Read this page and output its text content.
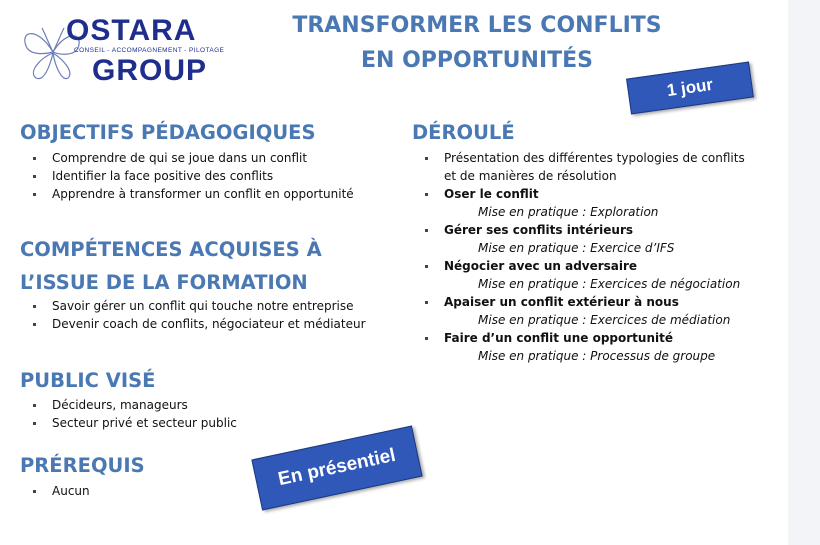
OSTARA
CONSEIL - ACCOMPAGNEMENT - PILOTAGE
GROUP
TRANSFORMER LES CONFLITS
EN OPPORTUNITÉS
1 jour
En présentiel
OBJECTIFS PÉDAGOGIQUES
Comprendre de qui se joue dans un conflit
Identifier la face positive des conflits
Apprendre à transformer un conflit en opportunité
COMPÉTENCES ACQUISES À
L’ISSUE DE LA FORMATION
Savoir gérer un conflit qui touche notre entreprise
Devenir coach de conflits, négociateur et médiateur
PUBLIC VISÉ
Décideurs, manageurs
Secteur privé et secteur public
PRÉREQUIS
Aucun
DÉROULÉ
Présentation des différentes typologies de conflits
et de manières de résolution
Oser le conflit
Mise en pratique : Exploration
Gérer ses conflits intérieurs
Mise en pratique : Exercice d’IFS
Négocier avec un adversaire
Mise en pratique : Exercices de négociation
Apaiser un conflit extérieur à nous
Mise en pratique : Exercices de médiation
Faire d’un conflit une opportunité
Mise en pratique : Processus de groupe
